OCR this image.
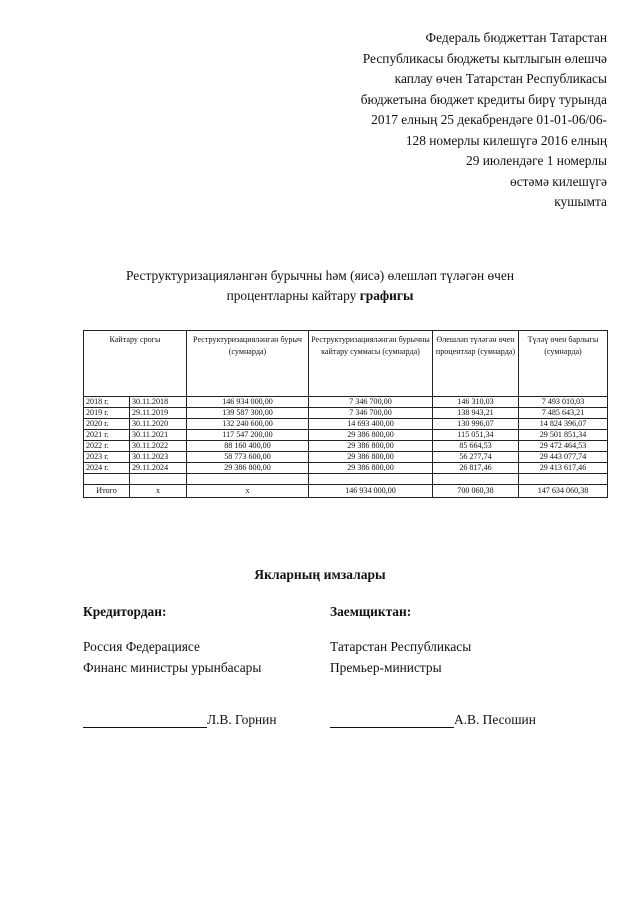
Федераль бюджеттан Татарстан
Республикасы бюджеты кытлыгын өлешчә
каплау өчен Татарстан Республикасы
бюджетына бюджет кредиты бирү турында
2017 елның 25 декабрендәге 01-01-06/06-
128 номерлы килешүгә 2016 елның
29 июлендәге 1 номерлы
өстәмә килешүгә
кушымта
Реструктуризацияләнгән бурычны һәм (яисә) өлешләп түләгән өчен
процентларны кайтару графигы
Кайтару срогы		Реструктуризацияләнгән бурыч (сумнарда)	Реструктуризацияләнгән бурычны кайтару суммасы (сумнарда)	Өлешләп түләгән өчен процентлар (сумнарда)	Түләү өчен барлыгы (сумнарда)
2018 г.	30.11.2018	146 934 000,00	7 346 700,00	146 310,03	7 493 010,03
2019 г.	29.11.2019	139 587 300,00	7 346 700,00	138 943,21	7 485 643,21
2020 г.	30.11.2020	132 240 600,00	14 693 400,00	130 996,07	14 824 396,07
2021 г.	30.11.2021	117 547 200,00	29 386 800,00	115 051,34	29 501 851,34
2022 г.	30.11.2022	88 160 400,00	29 386 800,00	85 664,53	29 472 464,53
2023 г.	30.11.2023	58 773 600,00	29 386 800,00	56 277,74	29 443 077,74
2024 г.	29.11.2024	29 386 800,00	29 386 800,00	26 817,46	29 413 617,46

Итого	x	x	146 934 000,00	700 060,38	147 634 060,38
Якларның имзалары
Кредитордан:
Россия Федерациясе
Финанс министры урынбасары
Заемщиктан:
Татарстан Республикасы
Премьер-министры
Л.В. Горнин	А.В. Песошин
